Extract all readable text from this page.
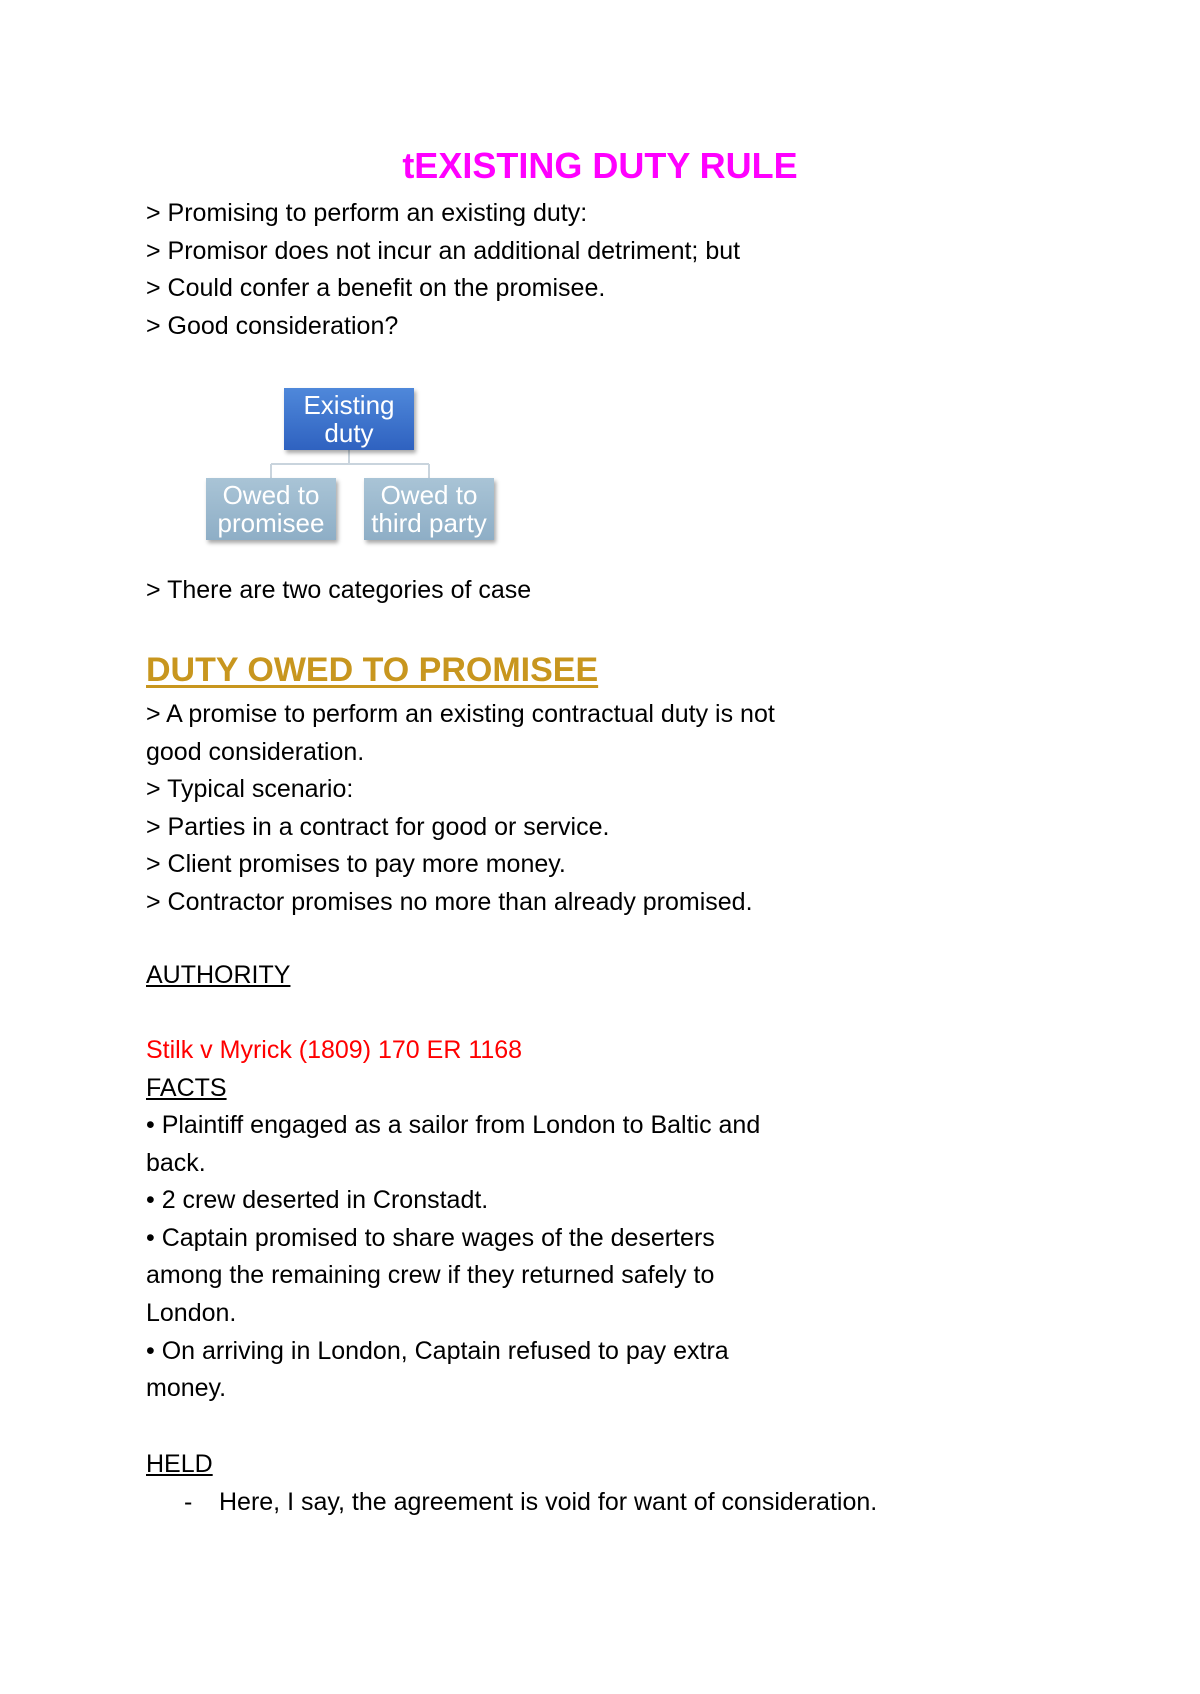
tEXISTING DUTY RULE
> Promising to perform an existing duty:
> Promisor does not incur an additional detriment; but
> Could confer a benefit on the promisee.
> Good consideration?
Existing
duty
Owed to
promisee
Owed to
third party
> There are two categories of case
DUTY OWED TO PROMISEE
> A promise to perform an existing contractual duty is not
good consideration.
> Typical scenario:
> Parties in a contract for good or service.
> Client promises to pay more money.
> Contractor promises no more than already promised.
AUTHORITY
Stilk v Myrick (1809) 170 ER 1168
FACTS
• Plaintiff engaged as a sailor from London to Baltic and
back.
• 2 crew deserted in Cronstadt.
• Captain promised to share wages of the deserters
among the remaining crew if they returned safely to
London.
• On arriving in London, Captain refused to pay extra
money.
HELD
- Here, I say, the agreement is void for want of consideration.
